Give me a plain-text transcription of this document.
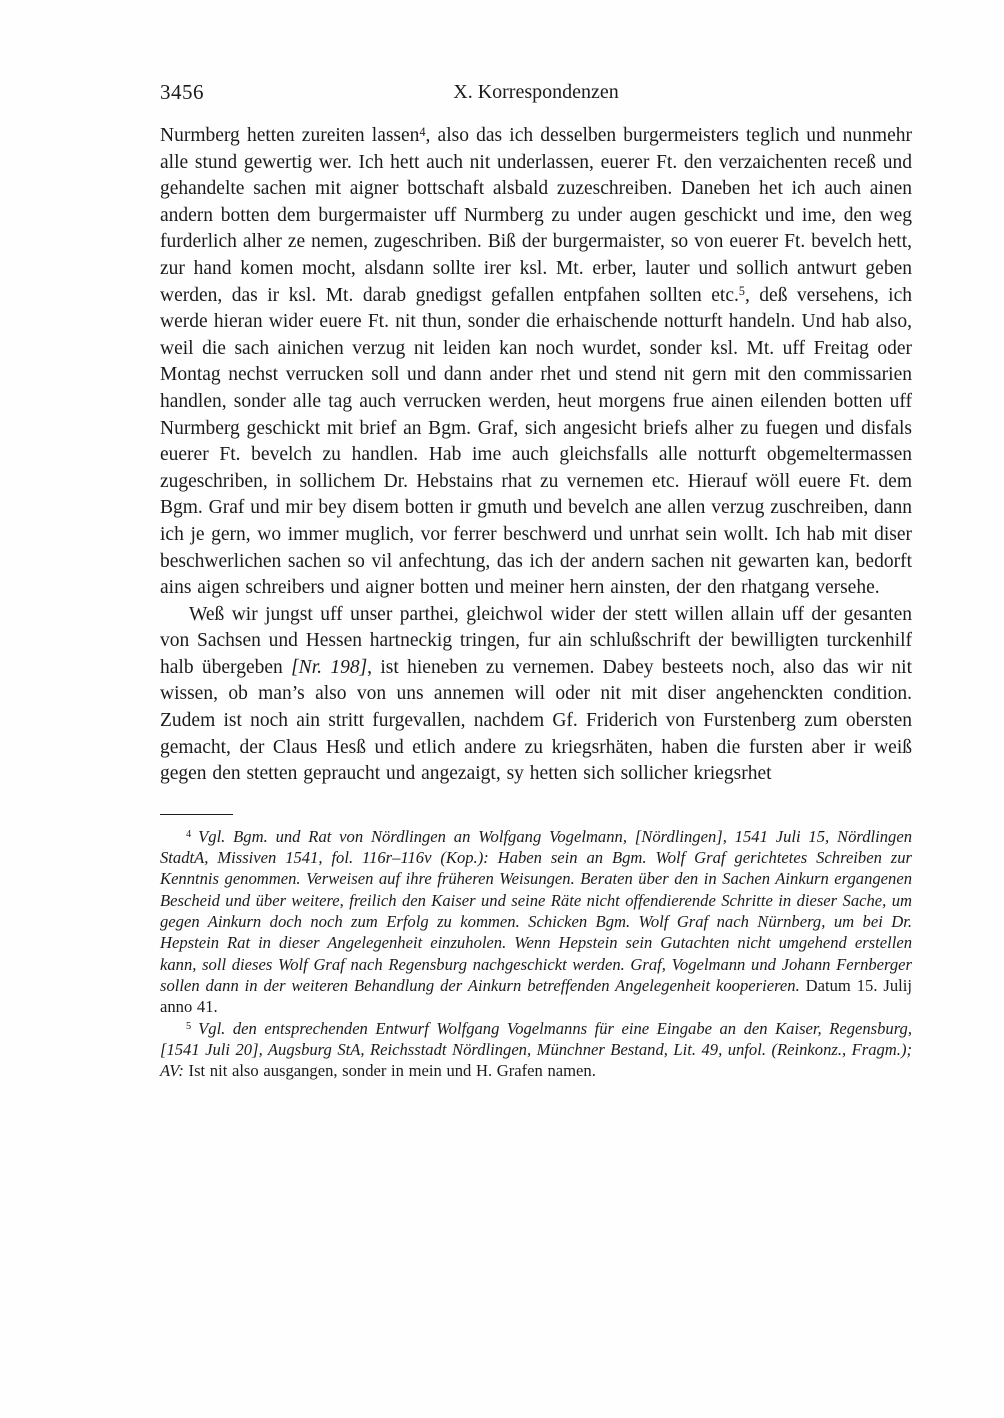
3456	X. Korrespondenzen

Nurmberg hetten zureiten lassen$^4$, also das ich desselben burgermeisters teglich und nunmehr alle stund gewertig wer. Ich hett auch nit underlassen, euerer Ft. den verzaichenten receß und gehandelte sachen mit aigner bottschaft alsbald zuzeschreiben. Daneben het ich auch ainen andern botten dem burgermaister uff Nurmberg zu under augen geschickt und ime, den weg furderlich alher ze nemen, zugeschriben. Biß der burgermaister, so von euerer Ft. bevelch hett, zur hand komen mocht, alsdann sollte irer ksl. Mt. erber, lauter und sollich antwurt geben werden, das ir ksl. Mt. darab gnedigst gefallen entpfahen sollten etc.$^5$, deß versehens, ich werde hieran wider euere Ft. nit thun, sonder die erhaischende notturft handeln. Und hab also, weil die sach ainichen verzug nit leiden kan noch wurdet, sonder ksl. Mt. uff Freitag oder Montag nechst verrucken soll und dann ander rhet und stend nit gern mit den commissarien handlen, sonder alle tag auch verrucken werden, heut morgens frue ainen eilenden botten uff Nurmberg geschickt mit brief an Bgm. Graf, sich angesicht briefs alher zu fuegen und disfals euerer Ft. bevelch zu handlen. Hab ime auch gleichsfalls alle notturft obgemeltermassen zugeschriben, in sollichem Dr. Hebstains rhat zu vernemen etc. Hierauf wöll euere Ft. dem Bgm. Graf und mir bey disem botten ir gmuth und bevelch ane allen verzug zuschreiben, dann ich je gern, wo immer muglich, vor ferrer beschwerd und unrhat sein wollt. Ich hab mit diser beschwerlichen sachen so vil anfechtung, das ich der andern sachen nit gewarten kan, bedorft ains aigen schreibers und aigner botten und meiner hern ainsten, der den rhatgang versehe.

Weß wir jungst uff unser parthei, gleichwol wider der stett willen allain uff der gesanten von Sachsen und Hessen hartneckig tringen, fur ain schlußschrift der bewilligten turckenhilf halb übergeben [Nr. 198], ist hieneben zu vernemen. Dabey besteets noch, also das wir nit wissen, ob man’s also von uns annemen will oder nit mit diser angehenckten condition. Zudem ist noch ain stritt furgevallen, nachdem Gf. Friderich von Furstenberg zum obersten gemacht, der Claus Hesß und etlich andere zu kriegsrhäten, haben die fursten aber ir weiß gegen den stetten gepraucht und angezaigt, sy hetten sich sollicher kriegsrhet

$^4$ Vgl. Bgm. und Rat von Nördlingen an Wolfgang Vogelmann, [Nördlingen], 1541 Juli 15, Nördlingen StadtA, Missiven 1541, fol. 116r–116v (Kop.): Haben sein an Bgm. Wolf Graf gerichtetes Schreiben zur Kenntnis genommen. Verweisen auf ihre früheren Weisungen. Beraten über den in Sachen Ainkurn ergangenen Bescheid und über weitere, freilich den Kaiser und seine Räte nicht offendierende Schritte in dieser Sache, um gegen Ainkurn doch noch zum Erfolg zu kommen. Schicken Bgm. Wolf Graf nach Nürnberg, um bei Dr. Hepstein Rat in dieser Angelegenheit einzuholen. Wenn Hepstein sein Gutachten nicht umgehend erstellen kann, soll dieses Wolf Graf nach Regensburg nachgeschickt werden. Graf, Vogelmann und Johann Fernberger sollen dann in der weiteren Behandlung der Ainkurn betreffenden Angelegenheit kooperieren. Datum 15. Julij anno 41.

$^5$ Vgl. den entsprechenden Entwurf Wolfgang Vogelmanns für eine Eingabe an den Kaiser, Regensburg, [1541 Juli 20], Augsburg StA, Reichsstadt Nördlingen, Münchner Bestand, Lit. 49, unfol. (Reinkonz., Fragm.); AV: Ist nit also ausgangen, sonder in mein und H. Grafen namen.
